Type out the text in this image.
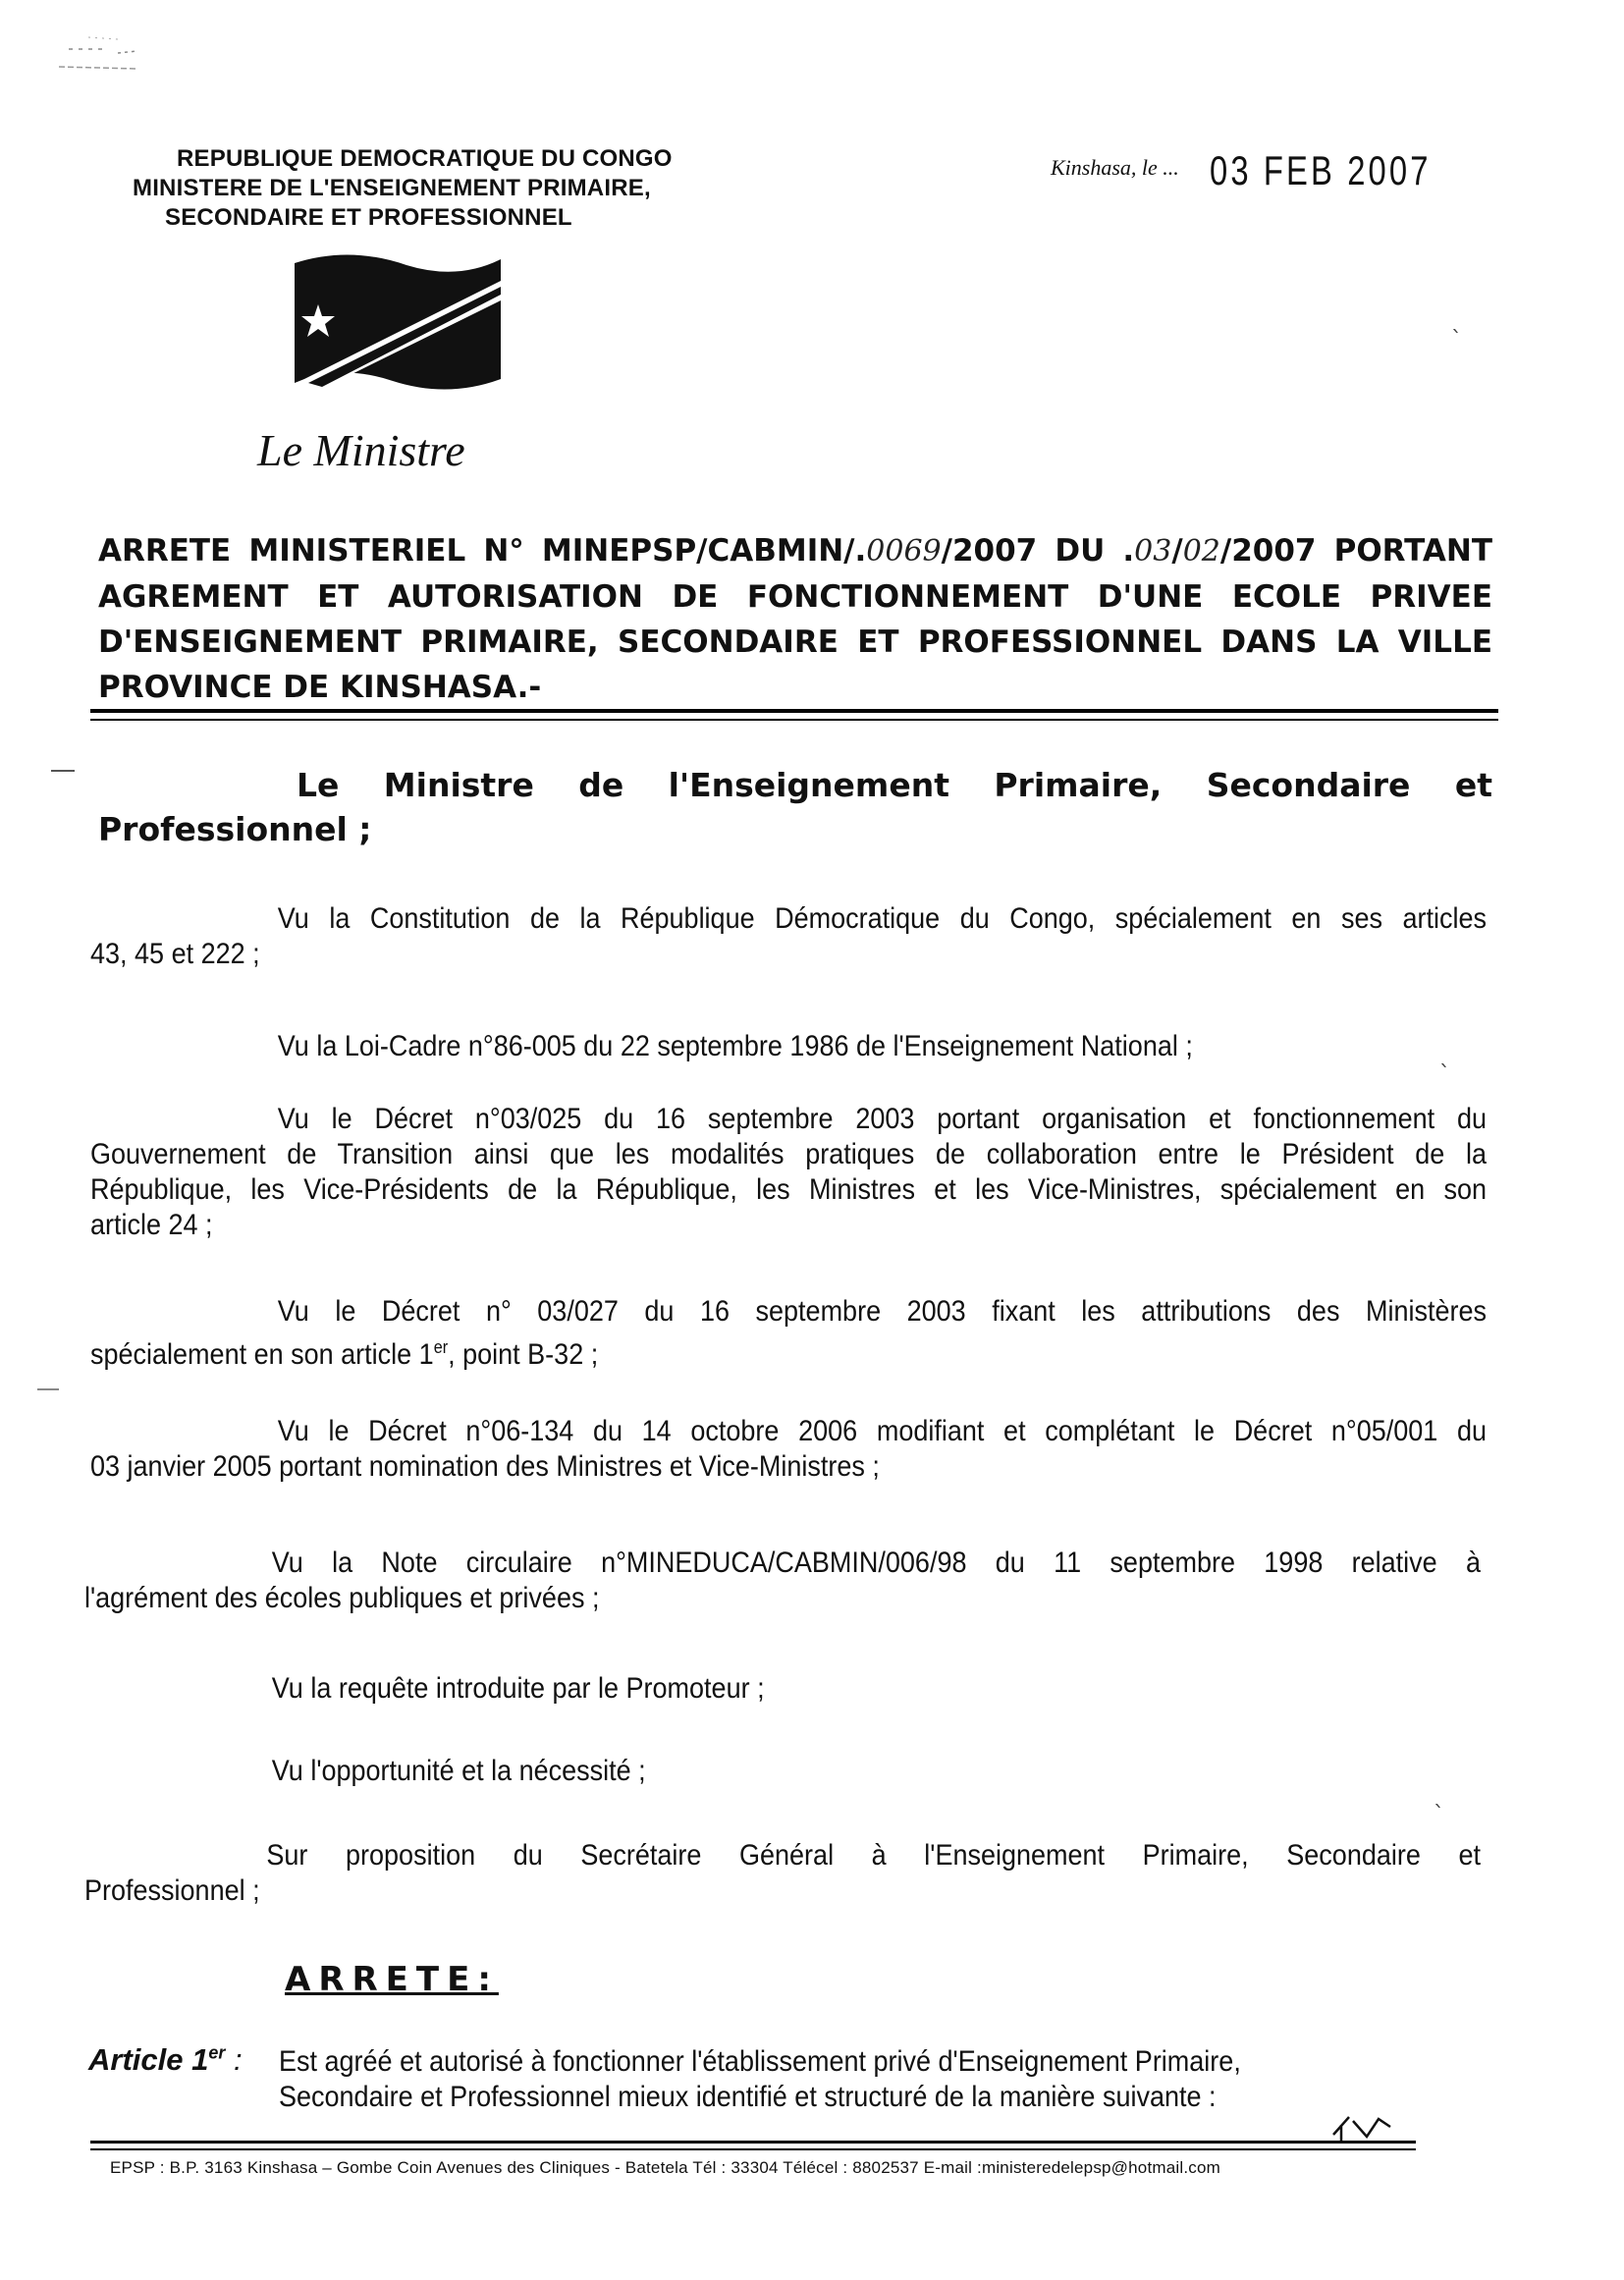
REPUBLIQUE DEMOCRATIQUE DU CONGO
MINISTERE DE L'ENSEIGNEMENT PRIMAIRE,
SECONDAIRE ET PROFESSIONNEL
Kinshasa, le ... 03 FEB 2007
Le Ministre
ARRETE MINISTERIEL N° MINEPSP/CABMIN/.0069/2007 DU .03/02/2007 PORTANT
AGREMENT ET AUTORISATION DE FONCTIONNEMENT D'UNE ECOLE PRIVEE
D'ENSEIGNEMENT PRIMAIRE, SECONDAIRE ET PROFESSIONNEL DANS LA VILLE
PROVINCE DE KINSHASA.-
Le Ministre de l'Enseignement Primaire, Secondaire et
Professionnel ;
Vu la Constitution de la République Démocratique du Congo, spécialement en ses articles
43, 45 et 222 ;
Vu la Loi-Cadre n°86-005 du 22 septembre 1986 de l'Enseignement National ;
Vu le Décret n°03/025 du 16 septembre 2003 portant organisation et fonctionnement du
Gouvernement de Transition ainsi que les modalités pratiques de collaboration entre le Président de la
République, les Vice-Présidents de la République, les Ministres et les Vice-Ministres, spécialement en son
article 24 ;
Vu le Décret n° 03/027 du 16 septembre 2003 fixant les attributions des Ministères
spécialement en son article 1er, point B-32 ;
Vu le Décret n°06-134 du 14 octobre 2006 modifiant et complétant le Décret n°05/001 du
03 janvier 2005 portant nomination des Ministres et Vice-Ministres ;
Vu la Note circulaire n°MINEDUCA/CABMIN/006/98 du 11 septembre 1998 relative à
l'agrément des écoles publiques et privées ;
Vu la requête introduite par le Promoteur ;
Vu l'opportunité et la nécessité ;
Sur proposition du Secrétaire Général à l'Enseignement Primaire, Secondaire et
Professionnel ;
`
`
`
ARRETE:
Article 1er : Est agréé et autorisé à fonctionner l'établissement privé d'Enseignement Primaire,
Secondaire et Professionnel mieux identifié et structuré de la manière suivante :
EPSP : B.P. 3163 Kinshasa – Gombe Coin Avenues des Cliniques - Batetela Tél : 33304 Télécel : 8802537 E-mail :ministeredelepsp@hotmail.com
